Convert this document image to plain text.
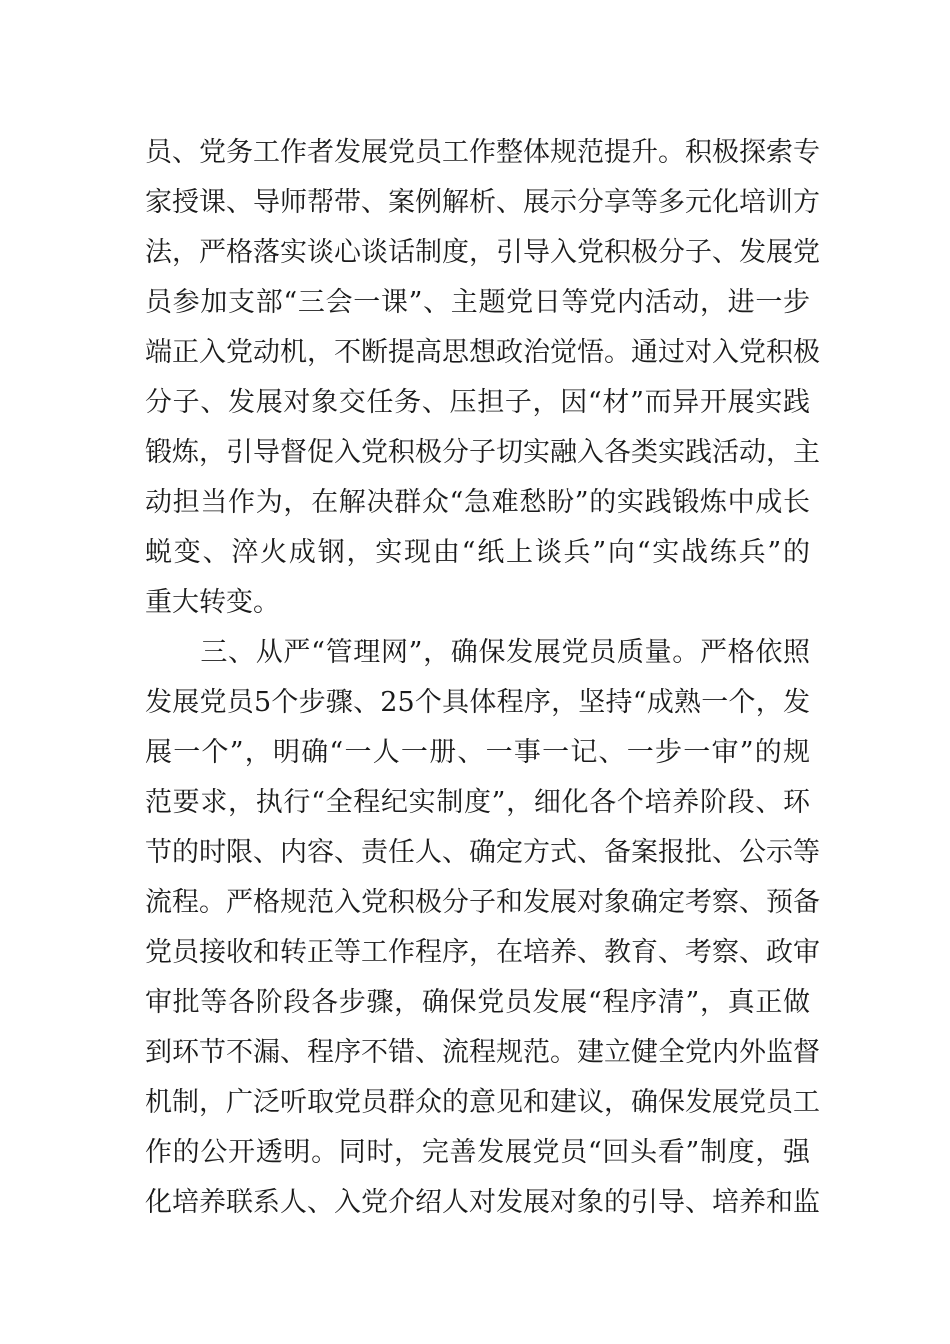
员、党务工作者发展党员工作整体规范提升。积极探索专
家授课、导师帮带、案例解析、展示分享等多元化培训方
法，严格落实谈心谈话制度，引导入党积极分子、发展党
员参加支部“三会一课”、主题党日等党内活动，进一步
端正入党动机，不断提高思想政治觉悟。通过对入党积极
分子、发展对象交任务、压担子，因“材”而异开展实践
锻炼，引导督促入党积极分子切实融入各类实践活动，主
动担当作为，在解决群众“急难愁盼”的实践锻炼中成长
蜕变、淬火成钢，实现由“纸上谈兵”向“实战练兵”的
重大转变。
　　三、从严“管理网”，确保发展党员质量。严格依照
发展党员5个步骤、25个具体程序，坚持“成熟一个，发
展一个”，明确“一人一册、一事一记、一步一审”的规
范要求，执行“全程纪实制度”，细化各个培养阶段、环
节的时限、内容、责任人、确定方式、备案报批、公示等
流程。严格规范入党积极分子和发展对象确定考察、预备
党员接收和转正等工作程序，在培养、教育、考察、政审
审批等各阶段各步骤，确保党员发展“程序清”，真正做
到环节不漏、程序不错、流程规范。建立健全党内外监督
机制，广泛听取党员群众的意见和建议，确保发展党员工
作的公开透明。同时，完善发展党员“回头看”制度，强
化培养联系人、入党介绍人对发展对象的引导、培养和监
